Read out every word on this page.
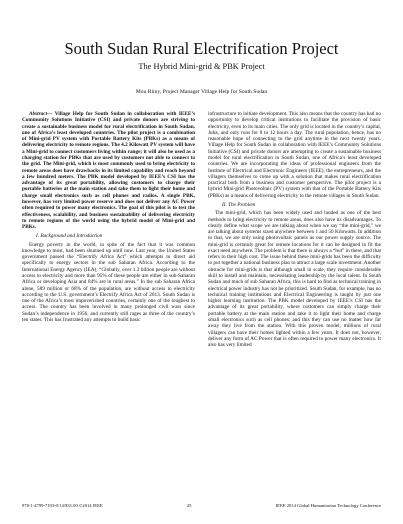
South Sudan Rural Electrification Project
The Hybrid Mini-grid & PBK Project
Mou Riiny, Project Manager Village Help for South Sudan

Abstract— Village Help for South Sudan in collaboration with IEEE’s Community Solutions Initiative (CSI) and private donors are striving to create a sustainable business model for rural electrification in South Sudan, one of Africa’s least developed countries. The pilot project is a combination of Mini-grid PV system with Portable Battery Kits (PBKs) as a means of delivering electricity to remote regions. The 4.2 Kilowatt PV system will have a Mini-grid to connect customers living within range; it will also be used as a charging station for PBKs that are used by customers not able to connect to the grid. The Mini-grid, which is most commonly used to bring electricity to remote areas does have drawbacks in its limited capability and reach beyond a few hundred meters. The PBK model developed by IEEE’s CSI has the advantage of its great portability, allowing customers to charge their portable batteries at the main station and take them to light their home and charge small electronics such as cell phones and radios. A single PBK, however, has very limited power reserve and does not deliver any AC Power often required to power many electronics. The goal of this pilot is to test the effectiveness, scalability, and business sustainability of delivering electricity to remote regions of the world using the hybrid model of Mini-grid and PBKs.

I. Background and Introduction

Energy poverty in the world, in spite of the fact that it was common knowledge to most, had been shunned up until now. Last year, the United States government passed the “Electrify Africa Act” which attempts to direct aid specifically to energy sectors in the sub Saharan Africa. According to the International Energy Agency (IEA), “Globally, over 1.3 billion people are without access to electricity and more than 95% of these people are either in sub-Saharan Africa or developing Asia and 84% are in rural areas.” In the sub Saharan Africa alone, 589 million or 68% of the population, are without access to electricity according to the U.S. government’s Electrify Africa Act of 2013. South Sudan is one of the Africa’s most impoverished countries, certainly one of the toughest to access. The country has been involved in many prolonged civil wars since Sudan’s independence in 1956, and currently still rages as three of the country’s ten states. This has frustrated any attempts to build basic

infrastructure to initiate development. This also means that the country has had no opportunity to develop critical institutions to facilitate the provision of basic electricity, even to its main cities. The only grid is located in the country’s capital, Juba, and only runs for 8 to 12 hours a day. The rural population, hence, has no reasonable hope of connecting to the grid anytime in the next twenty years. Village Help for South Sudan in collaboration with IEEE’s Community Solutions Initiative (CSI) and private donors are attempting to create a sustainable business model for rural electrification in South Sudan, one of Africa’s least developed countries. We are incorporating the ideas of professional engineers from the Institute of Electrical and Electronic Engineers (IEEE), the entrepreneurs, and the villagers themselves to come up with a solution that makes rural electrification practical both from a business and customer perspective. The pilot project is a hybrid Mini-grid Photovoltaic (PV) system with that of the Portable Battery Kits (PBKs) as a means of delivering electricity to the remote villages in South Sudan.

II. The Problem

The mini-grid, which has been widely used and lauded as one of the best methods to bring electricity to remote areas, does also have its disadvantages. To clearly define what scope we are talking about when we say “the mini-grid,” we are talking about systems sized anywhere between 1 and 50 Kilowatts. In addition to that, we are only using photovoltaic panels as our power supply source. The mini-grid is certainly great for remote locations for it can be designed to fit the exact need anywhere. The problem is that there is always a “but” in there, and that refers to their high cost. The issue behind these mini-grids has been the difficulty to put together a national business plan to attract a large scale investment. Another obstacle for mini-grids is that although small in scale, they require considerable skill to install and maintain, necessitating leadership by the local talent. In South Sudan and much of sub Saharan Africa, this is hard to find as technical training in electrical power industry has not be prioritized. South Sudan, for example, has no technical training institutions and Electrical Engineering is taught by just one higher learning institution. The PBK model developed by IEEE’s CSI has the advantage of its great portability, where customers can simply charge their portable battery at the main station and take it to light their home and charge small electronics such as cell phones; and this they can use no matter how far away they live from the station. With this proven model, millions of rural villagers can have their homes lighted within a few years. It does not, however, deliver any form of AC Power that is often required to power many electronics. It also has very limited

978-1-4799-7193-0/14/$31.00 ©2014 IEEE	25	IEEE 2014 Global Humanitarian Technology Conference
